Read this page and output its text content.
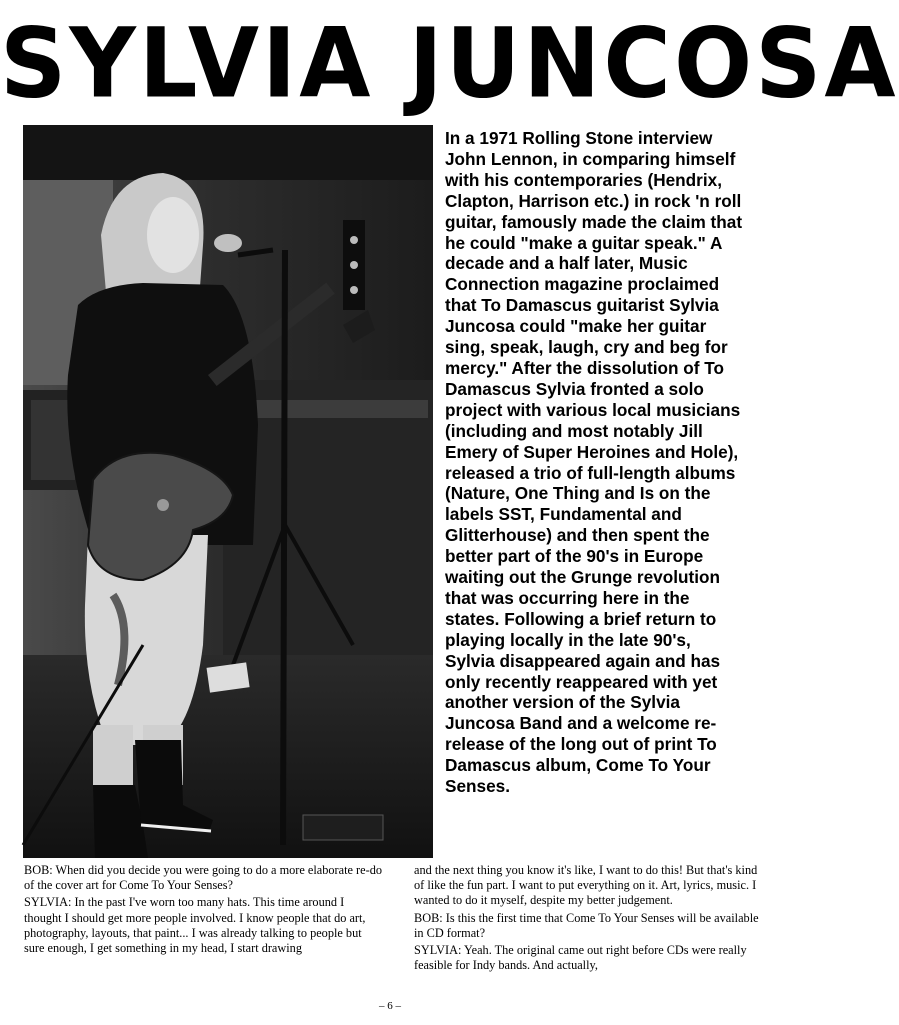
SYLVIA JUNCOSA
In a 1971 Rolling Stone interview John Lennon, in comparing himself with his contemporaries (Hendrix, Clapton, Harrison etc.) in rock 'n roll guitar, famously made the claim that he could "make a guitar speak." A decade and a half later, Music Connection magazine proclaimed that To Damascus guitarist Sylvia Juncosa could "make her guitar sing, speak, laugh, cry and beg for mercy." After the dissolution of To Damascus Sylvia fronted a solo project with various local musicians (including and most notably Jill Emery of Super Heroines and Hole), released a trio of full-length albums (Nature, One Thing and Is on the labels SST, Fundamental and Glitterhouse) and then spent the better part of the 90's in Europe waiting out the Grunge revolution that was occurring here in the states. Following a brief return to playing locally in the late 90's, Sylvia disappeared again and has only recently reappeared with yet another version of the Sylvia Juncosa Band and a welcome re-release of the long out of print To Damascus album, Come To Your Senses.

BOB: When did you decide you were going to do a more elaborate re-do of the cover art for Come To Your Senses?

SYLVIA: In the past I've worn too many hats. This time around I thought I should get more people involved. I know people that do art, photography, layouts, that paint... I was already talking to people but sure enough, I get something in my head, I start drawing

and the next thing you know it's like, I want to do this! But that's kind of like the fun part. I want to put everything on it. Art, lyrics, music. I wanted to do it myself, despite my better judgement.

BOB: Is this the first time that Come To Your Senses will be available in CD format?

SYLVIA: Yeah. The original came out right before CDs were really feasible for Indy bands. And actually,

– 6 –
